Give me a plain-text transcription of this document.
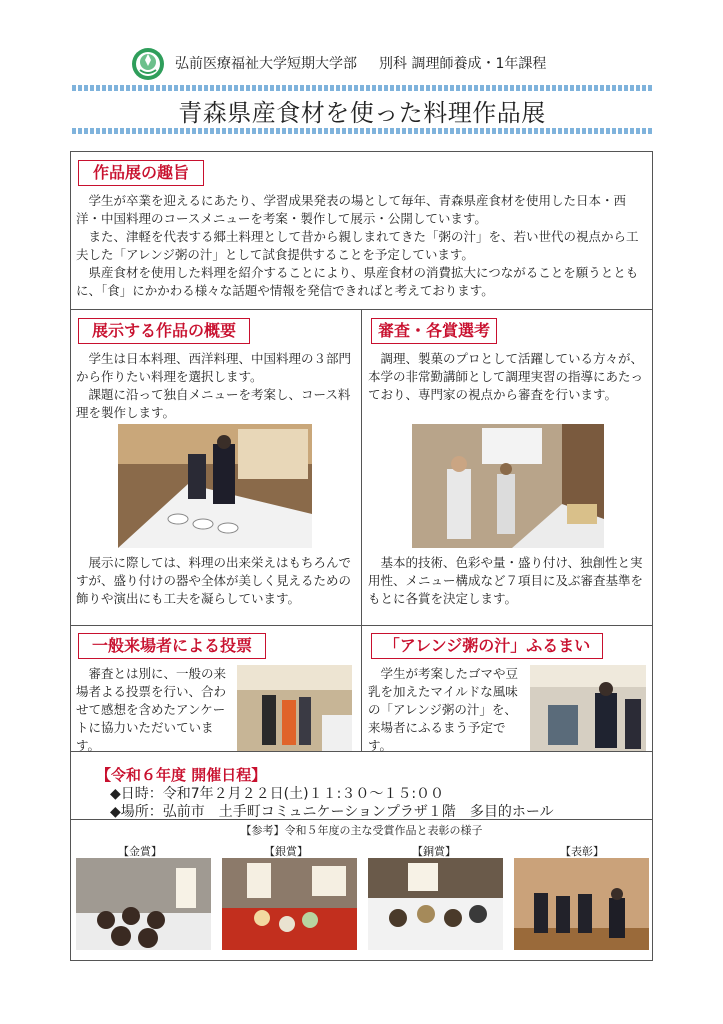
弘前医療福祉大学短期大学部 別科 調理師養成・1年課程
青森県産食材を使った料理作品展
作品展の趣旨

学生が卒業を迎えるにあたり、学習成果発表の場として毎年、青森県産食材を使用した日本・西洋・中国料理のコースメニューを考案・製作して展示・公開しています。

また、津軽を代表する郷土料理として昔から親しまれてきた「粥の汁」を、若い世代の視点から工夫した「アレンジ粥の汁」として試食提供することを予定しています。

県産食材を使用した料理を紹介することにより、県産食材の消費拡大につながることを願うとともに、「食」にかかわる様々な話題や情報を発信できればと考えております。

展示する作品の概要

学生は日本料理、西洋料理、中国料理の３部門から作りたい料理を選択します。

課題に沿って独自メニューを考案し、コース料理を製作します。

展示に際しては、料理の出来栄えはもちろんですが、盛り付けの器や全体が美しく見えるための飾りや演出にも工夫を凝らしています。

審査・各賞選考

調理、製菓のプロとして活躍している方々が、本学の非常勤講師として調理実習の指導にあたっており、専門家の視点から審査を行います。

基本的技術、色彩や量・盛り付け、独創性と実用性、メニュー構成など７項目に及ぶ審査基準をもとに各賞を決定します。

一般来場者による投票

審査とは別に、一般の来場者よる投票を行い、合わせて感想を含めたアンケートに協力いただいています。

「アレンジ粥の汁」ふるまい

学生が考案したゴマや豆乳を加えたマイルドな風味の「アレンジ粥の汁」を、来場者にふるまう予定です。

【令和６年度 開催日程】
◆日時：令和7年２月２２日(土)１１:３０～１５:００
◆場所：弘前市　土手町コミュニケーションプラザ１階　多目的ホール
【参考】令和５年度の主な受賞作品と表彰の様子
【金賞】	【銀賞】	【銅賞】	【表彰】
